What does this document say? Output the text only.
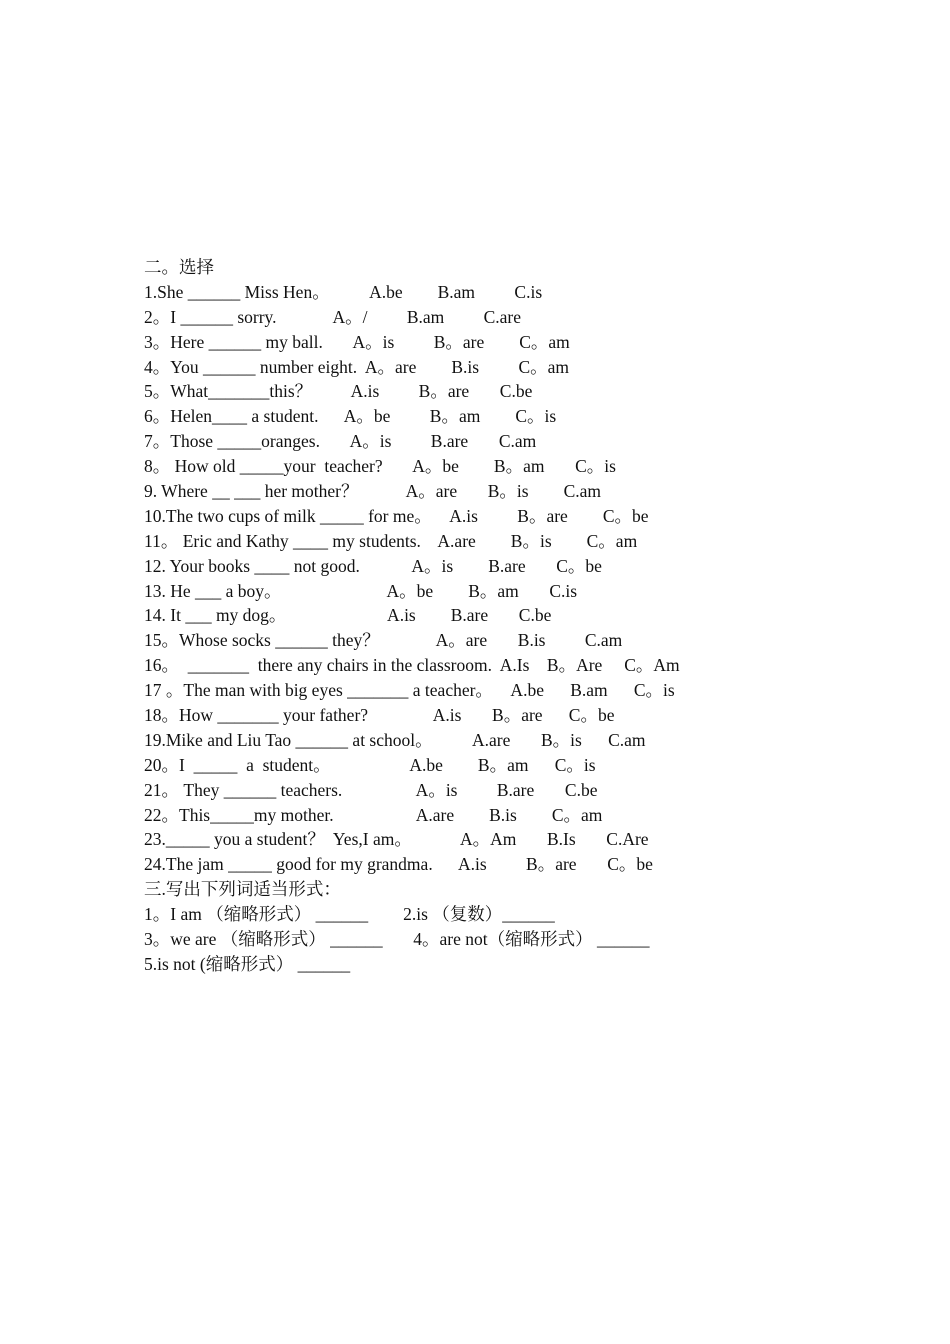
二。选择
1.She ______ Miss Hen。         A.be        B.am         C.is
2。I ______ sorry.             A。/         B.am         C.are
3。Here ______ my ball.       A。is         B。are        C。am
4。You ______ number eight.  A。are        B.is         C。am
5。What_______this？         A.is         B。are       C.be
6。Helen____ a student.      A。be         B。am        C。is
7。Those _____oranges.       A。is         B.are       C.am
8。 How old _____your  teacher?       A。be        B。am       C。is
9. Where __ ___ her mother？           A。are       B。is        C.am
10.The two cups of milk _____ for me。    A.is         B。are        C。be
11。 Eric and Kathy ____ my students.    A.are        B。is        C。am
12. Your books ____ not good.            A。is        B.are       C。be
13. He ___ a boy。                        A。be        B。am       C.is
14. It ___ my dog。                       A.is        B.are       C.be
15。Whose socks ______ they？             A。are       B.is         C.am
16。  _______  there any chairs in the classroom.  A.Is    B。Are     C。Am
17 。The man with big eyes _______ a teacher。    A.be      B.am      C。is
18。How _______ your father?               A.is       B。are      C。be
19.Mike and Liu Tao ______ at school。         A.are       B。is      C.am
20。I  _____  a  student。                  A.be        B。am      C。is
21。 They ______ teachers.                 A。is         B.are       C.be
22。This_____my mother.                   A.are        B.is        C。am
23._____ you a student？  Yes,I am。           A。Am       B.Is       C.Are
24.The jam _____ good for my grandma.      A.is         B。are       C。be
三.写出下列词适当形式：
1。I am （缩略形式） ______        2.is （复数）______
3。we are （缩略形式） ______       4。are not（缩略形式） ______
5.is not (缩略形式） ______
